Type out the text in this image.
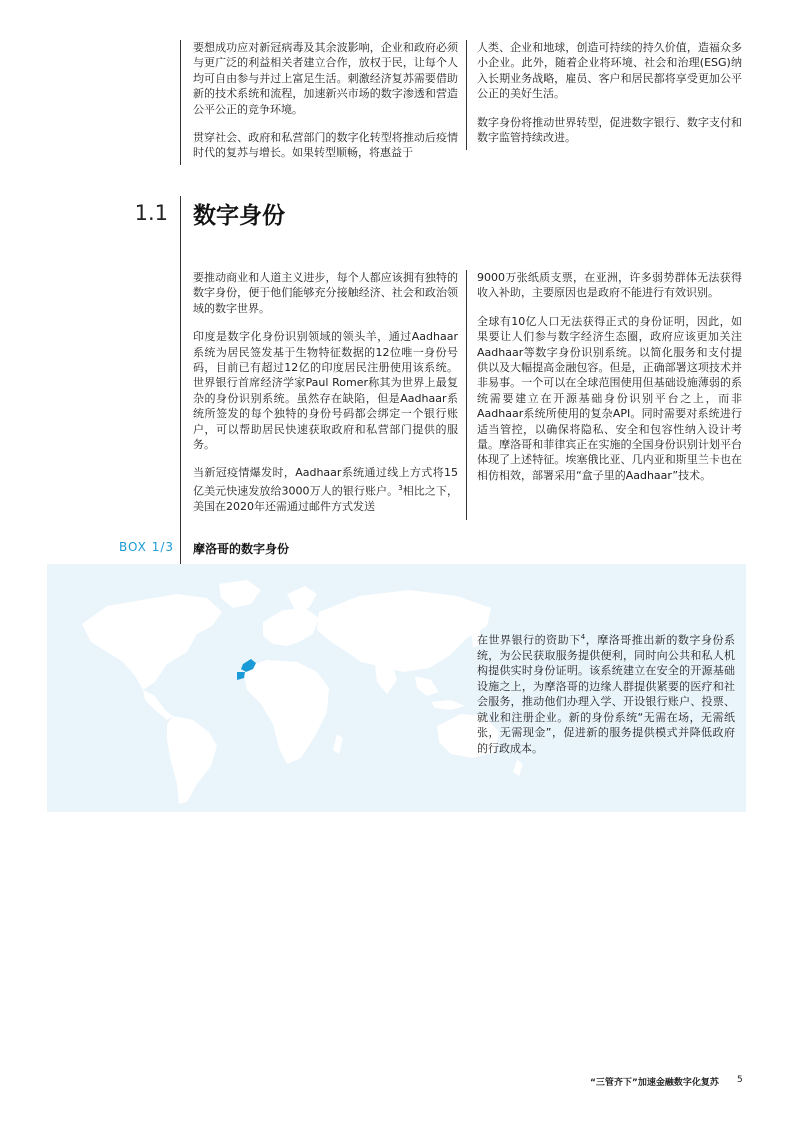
要想成功应对新冠病毒及其余波影响，企业和政府必须与更广泛的利益相关者建立合作，放权于民，让每个人均可自由参与并过上富足生活。刺激经济复苏需要借助新的技术系统和流程，加速新兴市场的数字渗透和营造公平公正的竞争环境。

贯穿社会、政府和私营部门的数字化转型将推动后疫情时代的复苏与增长。如果转型顺畅，将惠益于

人类、企业和地球，创造可持续的持久价值，造福众多小企业。此外，随着企业将环境、社会和治理(ESG)纳入长期业务战略，雇员、客户和居民都将享受更加公平公正的美好生活。

数字身份将推动世界转型，促进数字银行、数字支付和数字监管持续改进。

1.1 数字身份

要推动商业和人道主义进步，每个人都应该拥有独特的数字身份，便于他们能够充分接触经济、社会和政治领域的数字世界。

印度是数字化身份识别领域的领头羊，通过Aadhaar系统为居民签发基于生物特征数据的12位唯一身份号码，目前已有超过12亿的印度居民注册使用该系统。世界银行首席经济学家Paul Romer称其为世界上最复杂的身份识别系统。虽然存在缺陷，但是Aadhaar系统所签发的每个独特的身份号码都会绑定一个银行账户，可以帮助居民快速获取政府和私营部门提供的服务。

当新冠疫情爆发时，Aadhaar系统通过线上方式将15亿美元快速发放给3000万人的银行账户。$^3$相比之下，美国在2020年还需通过邮件方式发送

9000万张纸质支票，在亚洲，许多弱势群体无法获得收入补助，主要原因也是政府不能进行有效识别。

全球有10亿人口无法获得正式的身份证明，因此，如果要让人们参与数字经济生态圈，政府应该更加关注Aadhaar等数字身份识别系统。以简化服务和支付提供以及大幅提高金融包容。但是，正确部署这项技术并非易事。一个可以在全球范围使用但基础设施薄弱的系统需要建立在开源基础身份识别平台之上，而非Aadhaar系统所使用的复杂API。同时需要对系统进行适当管控，以确保将隐私、安全和包容性纳入设计考量。摩洛哥和菲律宾正在实施的全国身份识别计划平台体现了上述特征。埃塞俄比亚、几内亚和斯里兰卡也在相仿相效，部署采用“盒子里的Aadhaar”技术。

BOX 1/3 摩洛哥的数字身份
在世界银行的资助下$^4$，摩洛哥推出新的数字身份系统，为公民获取服务提供便利，同时向公共和私人机构提供实时身份证明。该系统建立在安全的开源基础设施之上，为摩洛哥的边缘人群提供紧要的医疗和社会服务，推动他们办理入学、开设银行账户、投票、就业和注册企业。新的身份系统“无需在场，无需纸张，无需现金”，促进新的服务提供模式并降低政府的行政成本。
“三管齐下”加速金融数字化复苏 5
